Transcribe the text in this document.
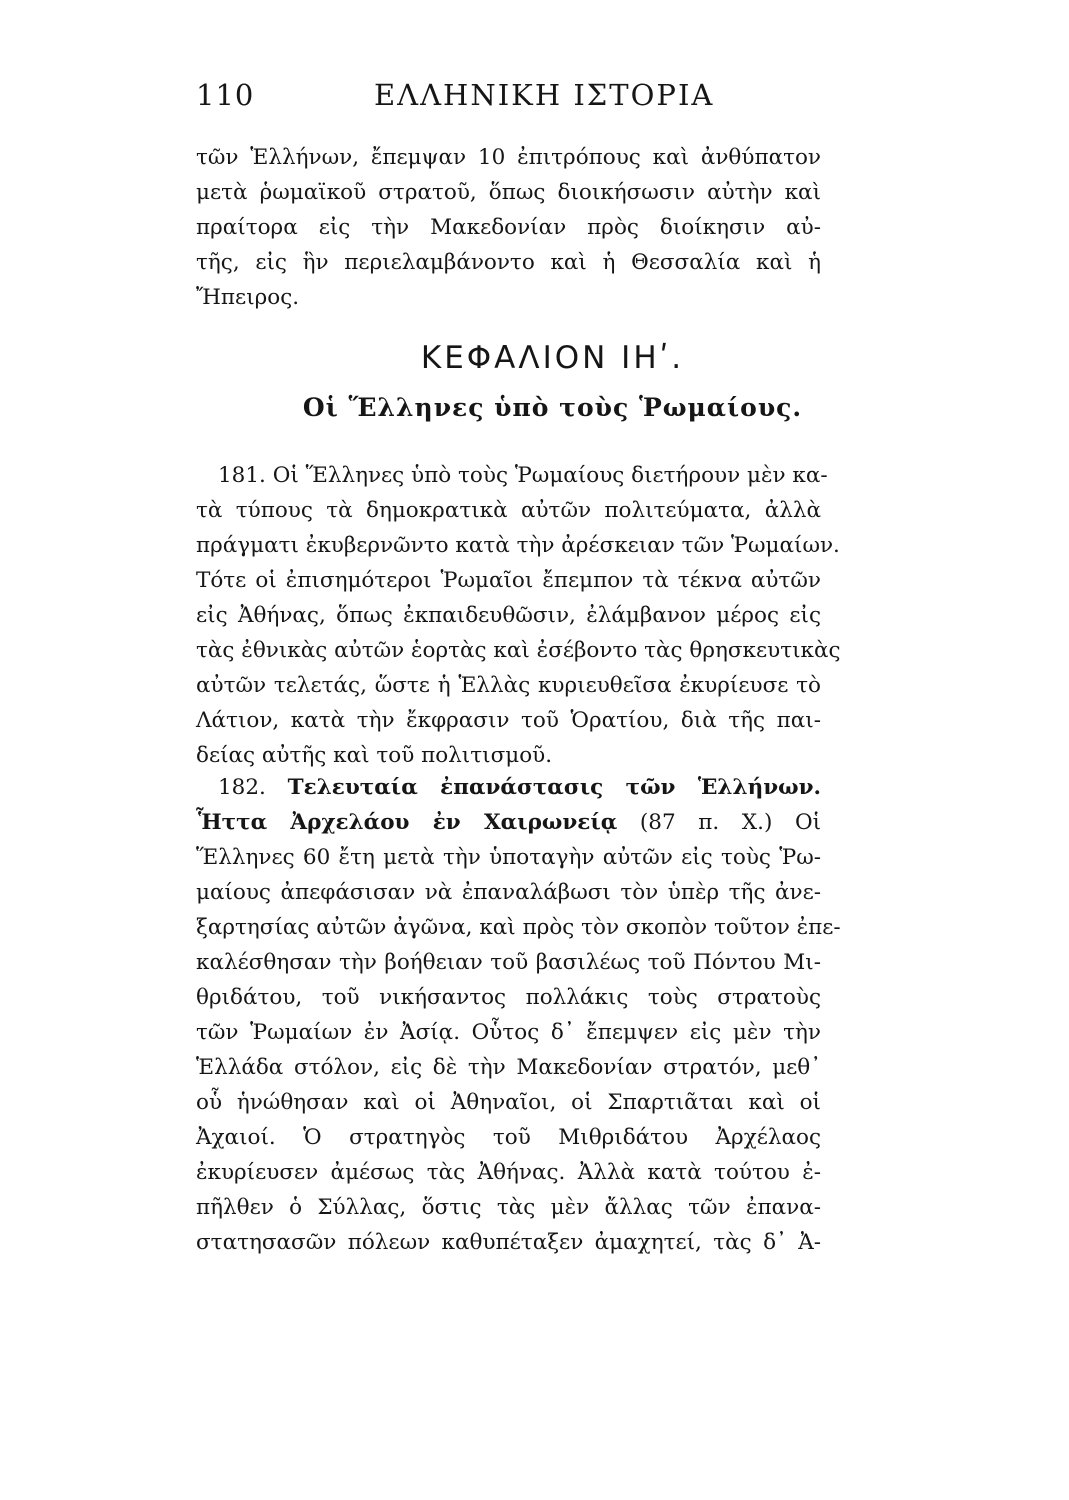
110	ΕΛΛΗΝΙΚΗ ΙΣΤΟΡΙΑ
τῶν Ἑλλήνων, ἔπεμψαν 10 ἐπιτρόπους καὶ ἀνθύπατον
μετὰ ῥωμαϊκοῦ στρατοῦ, ὅπως διοικήσωσιν αὐτὴν καὶ
πραίτορα εἰς τὴν Μακεδονίαν πρὸς διοίκησιν αὐ-
τῆς, εἰς ἣν περιελαμβάνοντο καὶ ἡ Θεσσαλία καὶ ἡ
Ἤπειρος.
ΚΕΦΑΛΙΟΝ ΙΗʹ.
Οἱ Ἕλληνες ὑπὸ τοὺς Ῥωμαίους.
181. Οἱ Ἕλληνες ὑπὸ τοὺς Ῥωμαίους διετήρουν μὲν κα-
τὰ τύπους τὰ δημοκρατικὰ αὐτῶν πολιτεύματα, ἀλλὰ
πράγματι ἐκυβερνῶντο κατὰ τὴν ἀρέσκειαν τῶν Ῥωμαίων.
Τότε οἱ ἐπισημότεροι Ῥωμαῖοι ἔπεμπον τὰ τέκνα αὐτῶν
εἰς Ἀθήνας, ὅπως ἐκπαιδευθῶσιν, ἐλάμβανον μέρος εἰς
τὰς ἐθνικὰς αὐτῶν ἑορτὰς καὶ ἐσέβοντο τὰς θρησκευτικὰς
αὐτῶν τελετάς, ὥστε ἡ Ἑλλὰς κυριευθεῖσα ἐκυρίευσε τὸ
Λάτιον, κατὰ τὴν ἔκφρασιν τοῦ Ὁρατίου, διὰ τῆς παι-
δείας αὐτῆς καὶ τοῦ πολιτισμοῦ.
182. Τελευταία ἐπανάστασις τῶν Ἑλλήνων.
Ἧττα Ἀρχελάου ἐν Χαιρωνείᾳ (87 π. Χ.) Οἱ
Ἕλληνες 60 ἔτη μετὰ τὴν ὑποταγὴν αὐτῶν εἰς τοὺς Ῥω-
μαίους ἀπεφάσισαν νὰ ἐπαναλάβωσι τὸν ὑπὲρ τῆς ἀνε-
ξαρτησίας αὐτῶν ἀγῶνα, καὶ πρὸς τὸν σκοπὸν τοῦτον ἐπε-
καλέσθησαν τὴν βοήθειαν τοῦ βασιλέως τοῦ Πόντου Μι-
θριδάτου, τοῦ νικήσαντος πολλάκις τοὺς στρατοὺς
τῶν Ῥωμαίων ἐν Ἀσίᾳ. Οὗτος δ᾽ ἔπεμψεν εἰς μὲν τὴν
Ἑλλάδα στόλον, εἰς δὲ τὴν Μακεδονίαν στρατόν, μεθ᾽
οὗ ἡνώθησαν καὶ οἱ Ἀθηναῖοι, οἱ Σπαρτιᾶται καὶ οἱ
Ἀχαιοί. Ὁ στρατηγὸς τοῦ Μιθριδάτου Ἀρχέλαος
ἐκυρίευσεν ἀμέσως τὰς Ἀθήνας. Ἀλλὰ κατὰ τούτου ἐ-
πῆλθεν ὁ Σύλλας, ὅστις τὰς μὲν ἄλλας τῶν ἐπανα-
στατησασῶν πόλεων καθυπέταξεν ἀμαχητεί, τὰς δ᾽ Ἀ-
